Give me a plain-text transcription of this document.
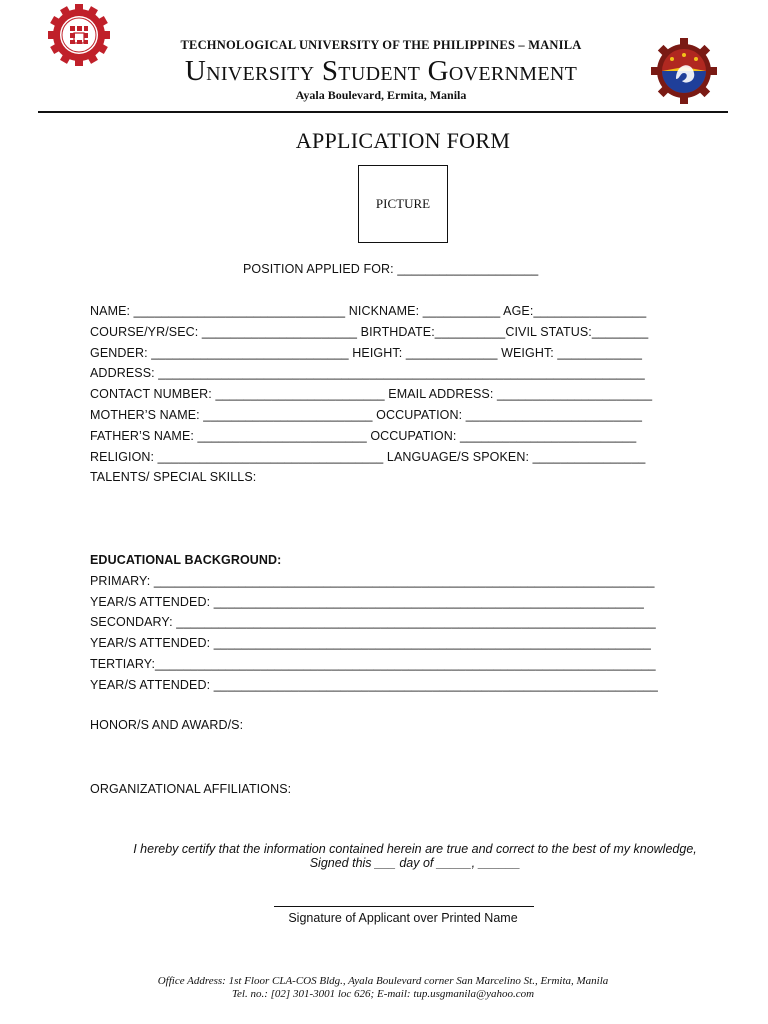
TECHNOLOGICAL UNIVERSITY OF THE PHILIPPINES – MANILA
University Student Government
Ayala Boulevard, Ermita, Manila
APPLICATION FORM
PICTURE
POSITION APPLIED FOR: ____________________
NAME: ______________________________ NICKNAME: ___________ AGE:________________
COURSE/YR/SEC: ______________________ BIRTHDATE:__________CIVIL STATUS:________
GENDER: ____________________________ HEIGHT: _____________ WEIGHT: ____________
ADDRESS: _____________________________________________________________________
CONTACT NUMBER: ________________________ EMAIL ADDRESS: ______________________
MOTHER’S NAME: ________________________ OCCUPATION: _________________________
FATHER’S NAME: ________________________ OCCUPATION: _________________________
RELIGION: ________________________________ LANGUAGE/S SPOKEN: ________________
TALENTS/ SPECIAL SKILLS:
EDUCATIONAL BACKGROUND:
PRIMARY: _______________________________________________________________________
YEAR/S ATTENDED: _____________________________________________________________
SECONDARY: ____________________________________________________________________
YEAR/S ATTENDED: ______________________________________________________________
TERTIARY:_______________________________________________________________________
YEAR/S ATTENDED: _______________________________________________________________
HONOR/S AND AWARD/S:
ORGANIZATIONAL AFFILIATIONS:
I hereby certify that the information contained herein are true and correct to the best of my knowledge,
Signed this ___ day of _____, ______
Signature of Applicant over Printed Name
Office Address: 1st Floor CLA-COS Bldg., Ayala Boulevard corner San Marcelino St., Ermita, Manila
Tel. no.: [02] 301-3001 loc 626; E-mail: tup.usgmanila@yahoo.com
